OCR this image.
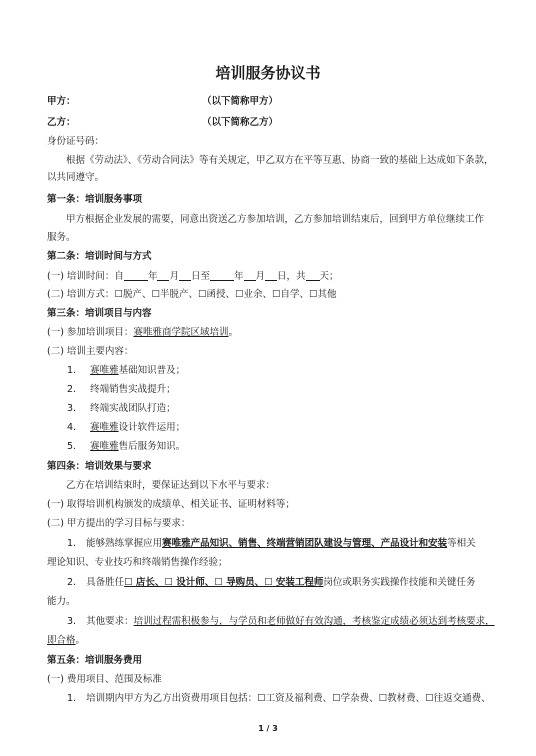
培训服务协议书
甲方：	（以下简称甲方）
乙方：	（以下简称乙方）
身份证号码：
根据《劳动法》、《劳动合同法》等有关规定，甲乙双方在平等互惠、协商一致的基础上达成如下条款，
以共同遵守。
第一条：培训服务事项
甲方根据企业发展的需要，同意出资送乙方参加培训，乙方参加培训结束后，回到甲方单位继续工作
服务。
第二条：培训时间与方式
(一) 培训时间：自	年 月 日至	年 月 日，共 天；
(二) 培训方式：☐脱产、☐半脱产、☐函授、☐业余、☐自学、☐其他
第三条：培训项目与内容
(一) 参加培训项目：赛唯雅商学院区域培训。
(二) 培训主要内容：
1. 赛唯雅基础知识普及；
2. 终端销售实战提升；
3. 终端实战团队打造；
4. 赛唯雅设计软件运用；
5. 赛唯雅售后服务知识。
第四条：培训效果与要求
乙方在培训结束时，要保证达到以下水平与要求：
(一) 取得培训机构颁发的成绩单、相关证书、证明材料等；
(二) 甲方提出的学习目标与要求：
1. 能够熟练掌握应用赛唯雅产品知识、销售、终端营销团队建设与管理、产品设计和安装等相关
理论知识、专业技巧和终端销售操作经验；
2. 具备胜任☐ 店长、☐ 设计师、☐ 导购员、☐ 安装工程师岗位或职务实践操作技能和关键任务
能力。
3. 其他要求：培训过程需积极参与，与学员和老师做好有效沟通，考核鉴定成绩必须达到考核要求，
即合格。
第五条：培训服务费用
(一) 费用项目、范围及标准
1. 培训期内甲方为乙方出资费用项目包括：☐工资及福利费、☐学杂费、☐教材费、☐往返交通费、
1 / 3
